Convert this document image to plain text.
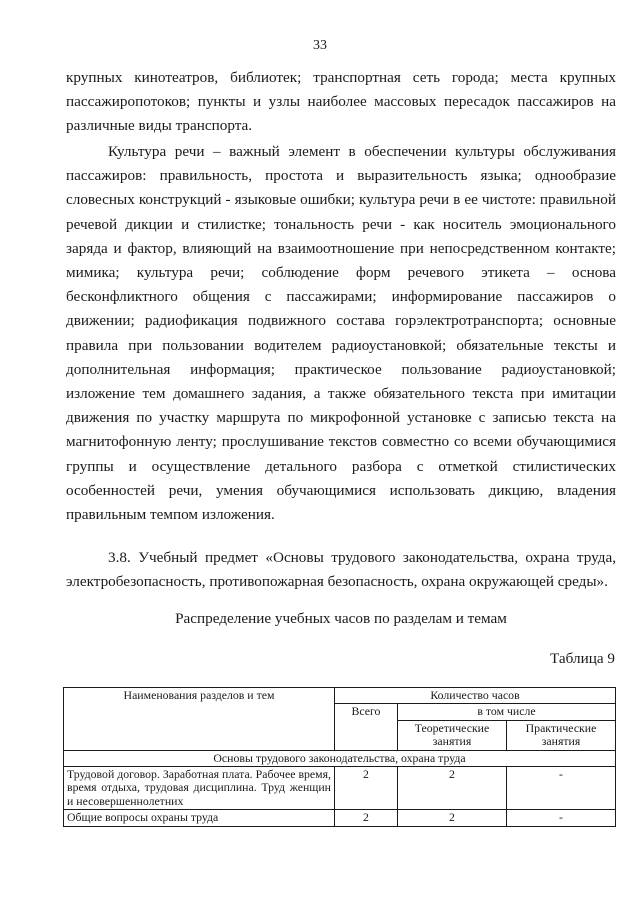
33
крупных кинотеатров, библиотек; транспортная сеть города; места крупных пассажиропотоков; пункты и узлы наиболее массовых пересадок пассажиров на различные виды транспорта.
Культура речи – важный элемент в обеспечении культуры обслуживания пассажиров: правильность, простота и выразительность языка; однообразие словесных конструкций - языковые ошибки; культура речи в ее чистоте: правильной речевой дикции и стилистке; тональность речи - как носитель эмоционального заряда и фактор, влияющий на взаимоотношение при непосредственном контакте; мимика; культура речи; соблюдение форм речевого этикета – основа бесконфликтного общения с пассажирами; информирование пассажиров о движении; радиофикация подвижного состава горэлектротранспорта; основные правила при пользовании водителем радиоустановкой; обязательные тексты и дополнительная информация; практическое пользование радиоустановкой; изложение тем домашнего задания, а также обязательного текста при имитации движения по участку маршрута по микрофонной установке с записью текста на магнитофонную ленту; прослушивание текстов совместно со всеми обучающимися группы и осуществление детального разбора с отметкой стилистических особенностей речи, умения обучающимися использовать дикцию, владения правильным темпом изложения.
3.8. Учебный предмет «Основы трудового законодательства, охрана труда, электробезопасность, противопожарная безопасность, охрана окружающей среды».
Распределение учебных часов по разделам и темам
Таблица 9
Наименования разделов и тем	Количество часов		
	Всего	в том числе	
		Теоретические занятия	Практические занятия
Основы трудового законодательства, охрана труда			
Трудовой договор. Заработная плата. Рабочее время, время отдыха, трудовая дисциплина. Труд женщин и несовершеннолетних	2	2	-
Общие вопросы охраны труда	2	2	-
